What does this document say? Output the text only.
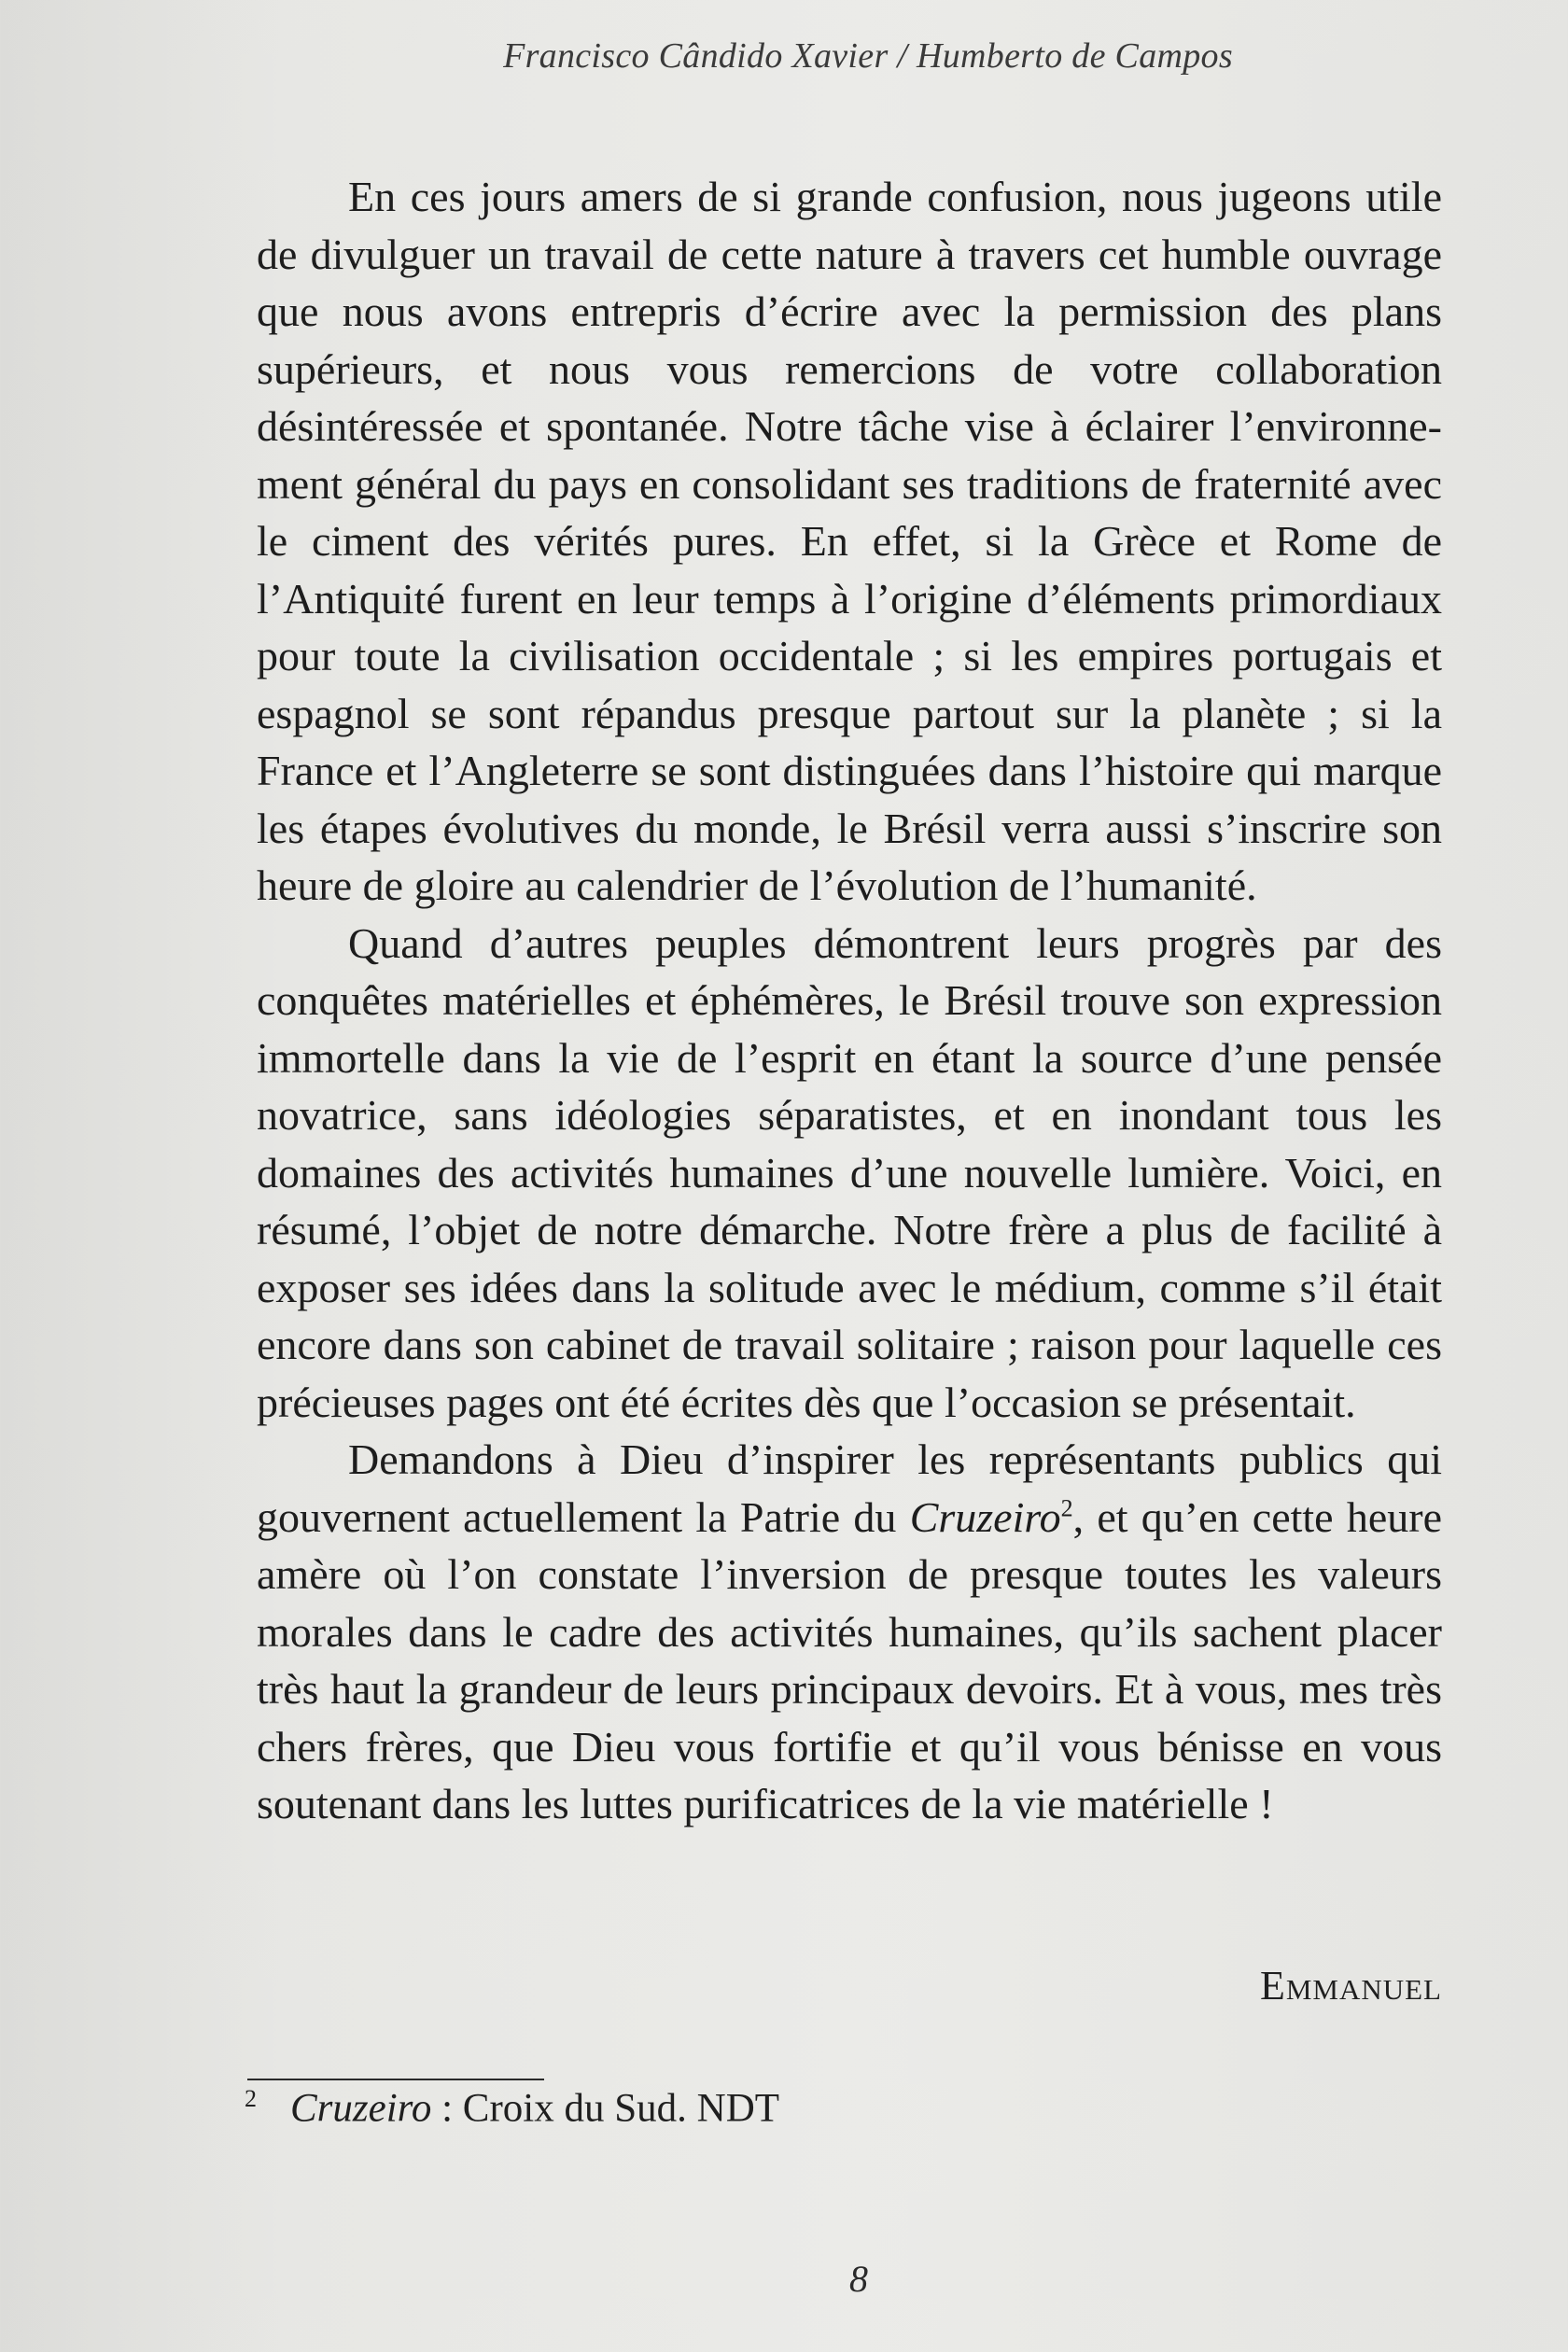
Francisco Cândido Xavier / Humberto de Campos

En ces jours amers de si grande confusion, nous jugeons utile de divulguer un travail de cette nature à travers cet humble ouvrage que nous avons entrepris d’écrire avec la permission des plans supérieurs, et nous vous remercions de votre collaboration désintéressée et spontanée. Notre tâche vise à éclairer l’environnement général du pays en consolidant ses traditions de fraternité avec le ciment des vérités pures. En effet, si la Grèce et Rome de l’Antiquité furent en leur temps à l’origine d’éléments primordiaux pour toute la civilisation occidentale ; si les empires portugais et espagnol se sont répandus presque partout sur la planète ; si la France et l’Angleterre se sont distinguées dans l’histoire qui marque les étapes évolutives du monde, le Brésil verra aussi s’inscrire son heure de gloire au calendrier de l’évolution de l’humanité.

Quand d’autres peuples démontrent leurs progrès par des conquêtes matérielles et éphémères, le Brésil trouve son expression immortelle dans la vie de l’esprit en étant la source d’une pensée novatrice, sans idéologies séparatistes, et en inondant tous les domaines des activités humaines d’une nouvelle lumière. Voici, en résumé, l’objet de notre démarche. Notre frère a plus de facilité à exposer ses idées dans la solitude avec le médium, comme s’il était encore dans son cabinet de travail solitaire ; raison pour laquelle ces précieuses pages ont été écrites dès que l’occasion se présentait.

Demandons à Dieu d’inspirer les représentants publics qui gouvernent actuellement la Patrie du Cruzeiro$^2$, et qu’en cette heure amère où l’on constate l’inversion de presque toutes les valeurs morales dans le cadre des activités humaines, qu’ils sachent placer très haut la grandeur de leurs principaux devoirs. Et à vous, mes très chers frères, que Dieu vous fortifie et qu’il vous bénisse en vous soutenant dans les luttes purificatrices de la vie matérielle !

Emmanuel
$^2$ Cruzeiro : Croix du Sud. NDT
8
